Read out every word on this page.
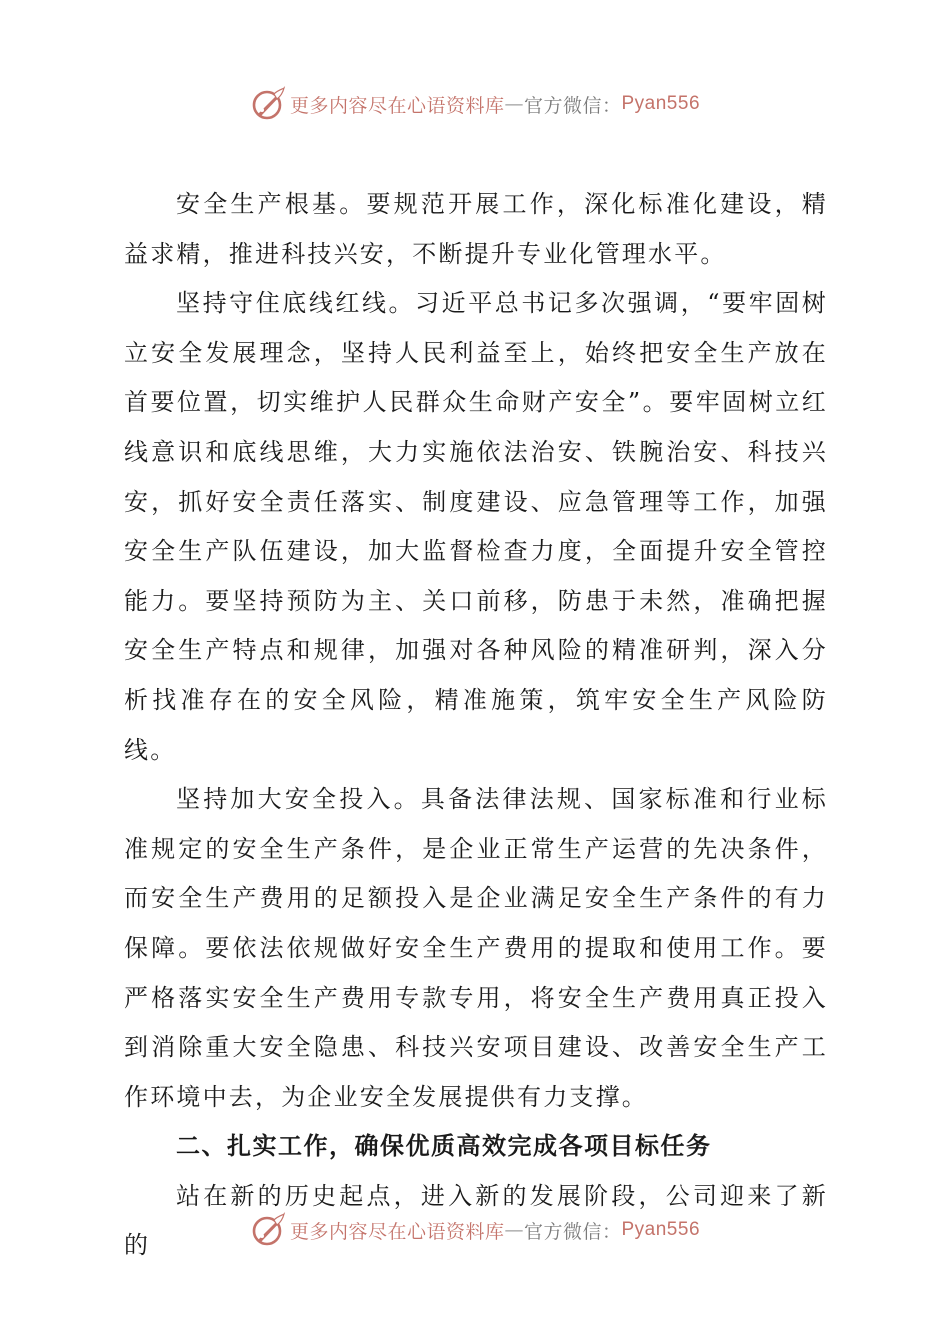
更多内容尽在心语资料库 — 官方微信： Pyan556

安全生产根基。要规范开展工作，深化标准化建设，精益求精，推进科技兴安，不断提升专业化管理水平。

坚持守住底线红线。习近平总书记多次强调，“要牢固树立安全发展理念，坚持人民利益至上，始终把安全生产放在首要位置，切实维护人民群众生命财产安全”。要牢固树立红线意识和底线思维，大力实施依法治安、铁腕治安、科技兴安，抓好安全责任落实、制度建设、应急管理等工作，加强安全生产队伍建设，加大监督检查力度，全面提升安全管控能力。要坚持预防为主、关口前移，防患于未然，准确把握安全生产特点和规律，加强对各种风险的精准研判，深入分析找准存在的安全风险，精准施策，筑牢安全生产风险防线。

坚持加大安全投入。具备法律法规、国家标准和行业标准规定的安全生产条件，是企业正常生产运营的先决条件，而安全生产费用的足额投入是企业满足安全生产条件的有力保障。要依法依规做好安全生产费用的提取和使用工作。要严格落实安全生产费用专款专用，将安全生产费用真正投入到消除重大安全隐患、科技兴安项目建设、改善安全生产工作环境中去，为企业安全发展提供有力支撑。

二、扎实工作，确保优质高效完成各项目标任务

站在新的历史起点，进入新的发展阶段，公司迎来了新的	更多内容尽在心语资料库 — 官方微信： Pyan556
